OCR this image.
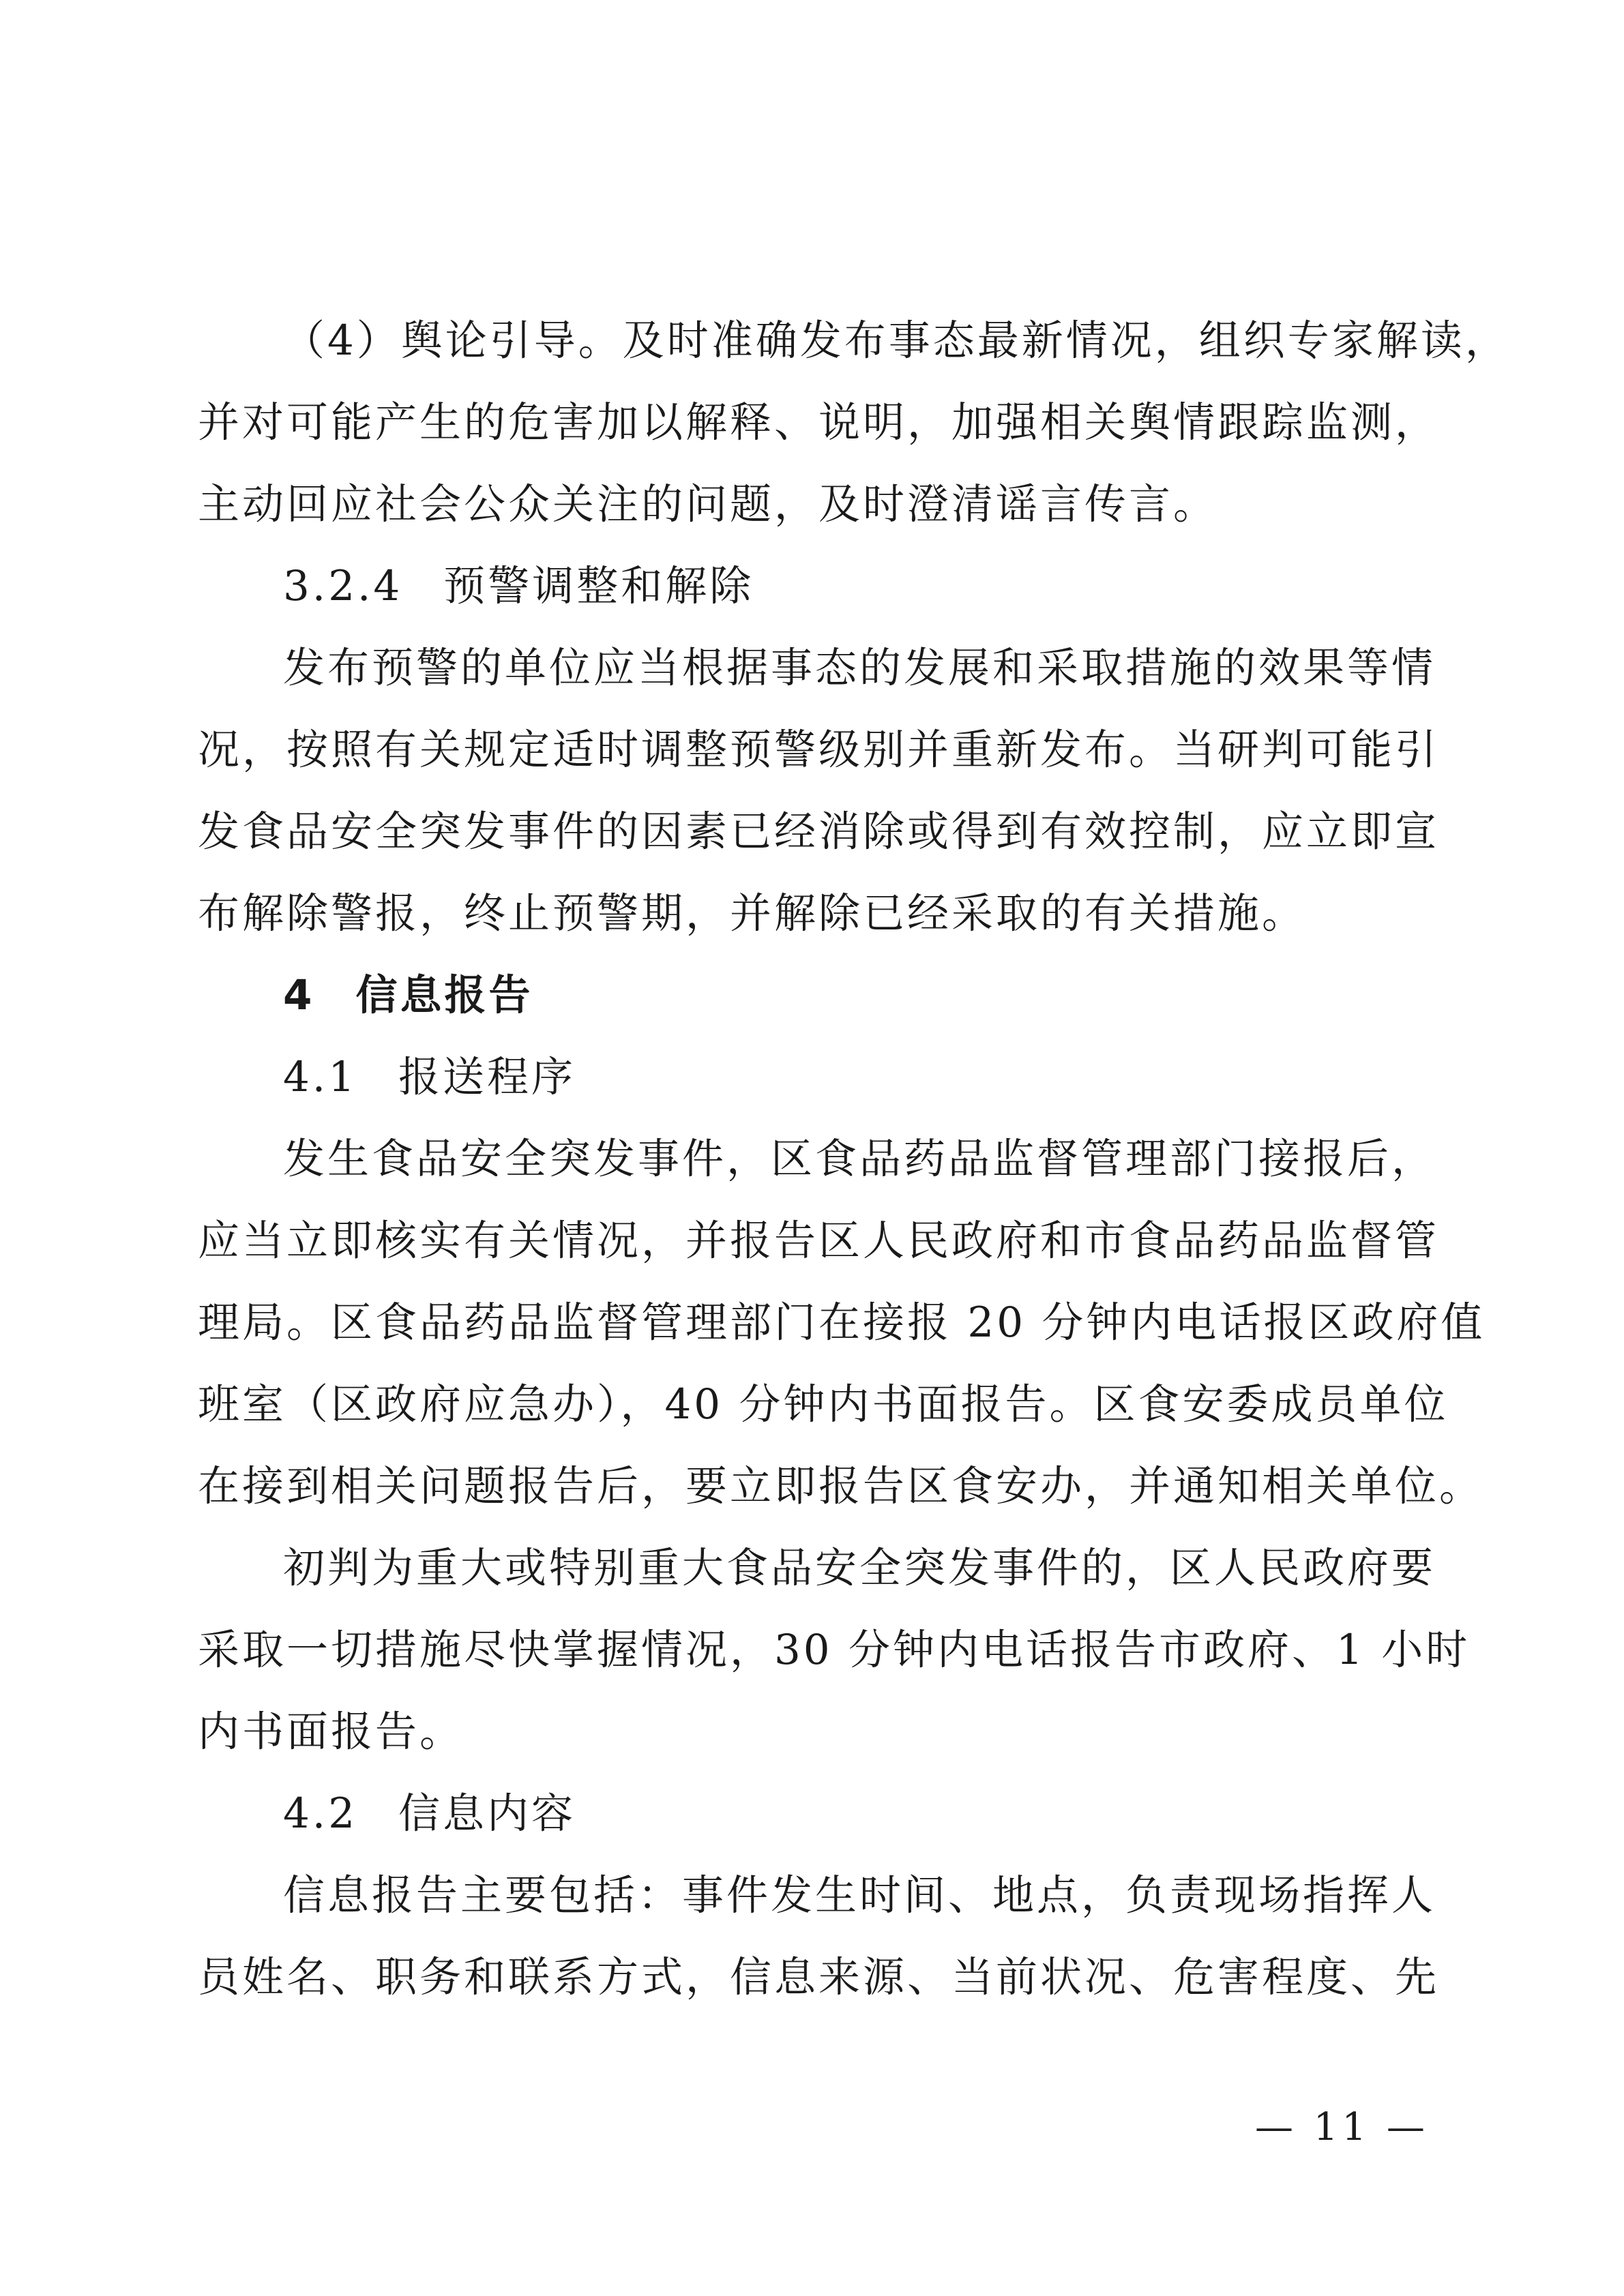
（4）舆论引导。及时准确发布事态最新情况，组织专家解读，
并对可能产生的危害加以解释、说明，加强相关舆情跟踪监测，
主动回应社会公众关注的问题，及时澄清谣言传言。
3.2.4 预警调整和解除
发布预警的单位应当根据事态的发展和采取措施的效果等情
况，按照有关规定适时调整预警级别并重新发布。当研判可能引
发食品安全突发事件的因素已经消除或得到有效控制，应立即宣
布解除警报，终止预警期，并解除已经采取的有关措施。
4 信息报告
4.1 报送程序
发生食品安全突发事件，区食品药品监督管理部门接报后，
应当立即核实有关情况，并报告区人民政府和市食品药品监督管
理局。区食品药品监督管理部门在接报 20 分钟内电话报区政府值
班室（区政府应急办），40 分钟内书面报告。区食安委成员单位
在接到相关问题报告后，要立即报告区食安办，并通知相关单位。
初判为重大或特别重大食品安全突发事件的，区人民政府要
采取一切措施尽快掌握情况，30 分钟内电话报告市政府、1 小时
内书面报告。
4.2 信息内容
信息报告主要包括：事件发生时间、地点，负责现场指挥人
员姓名、职务和联系方式，信息来源、当前状况、危害程度、先
— 11 —
